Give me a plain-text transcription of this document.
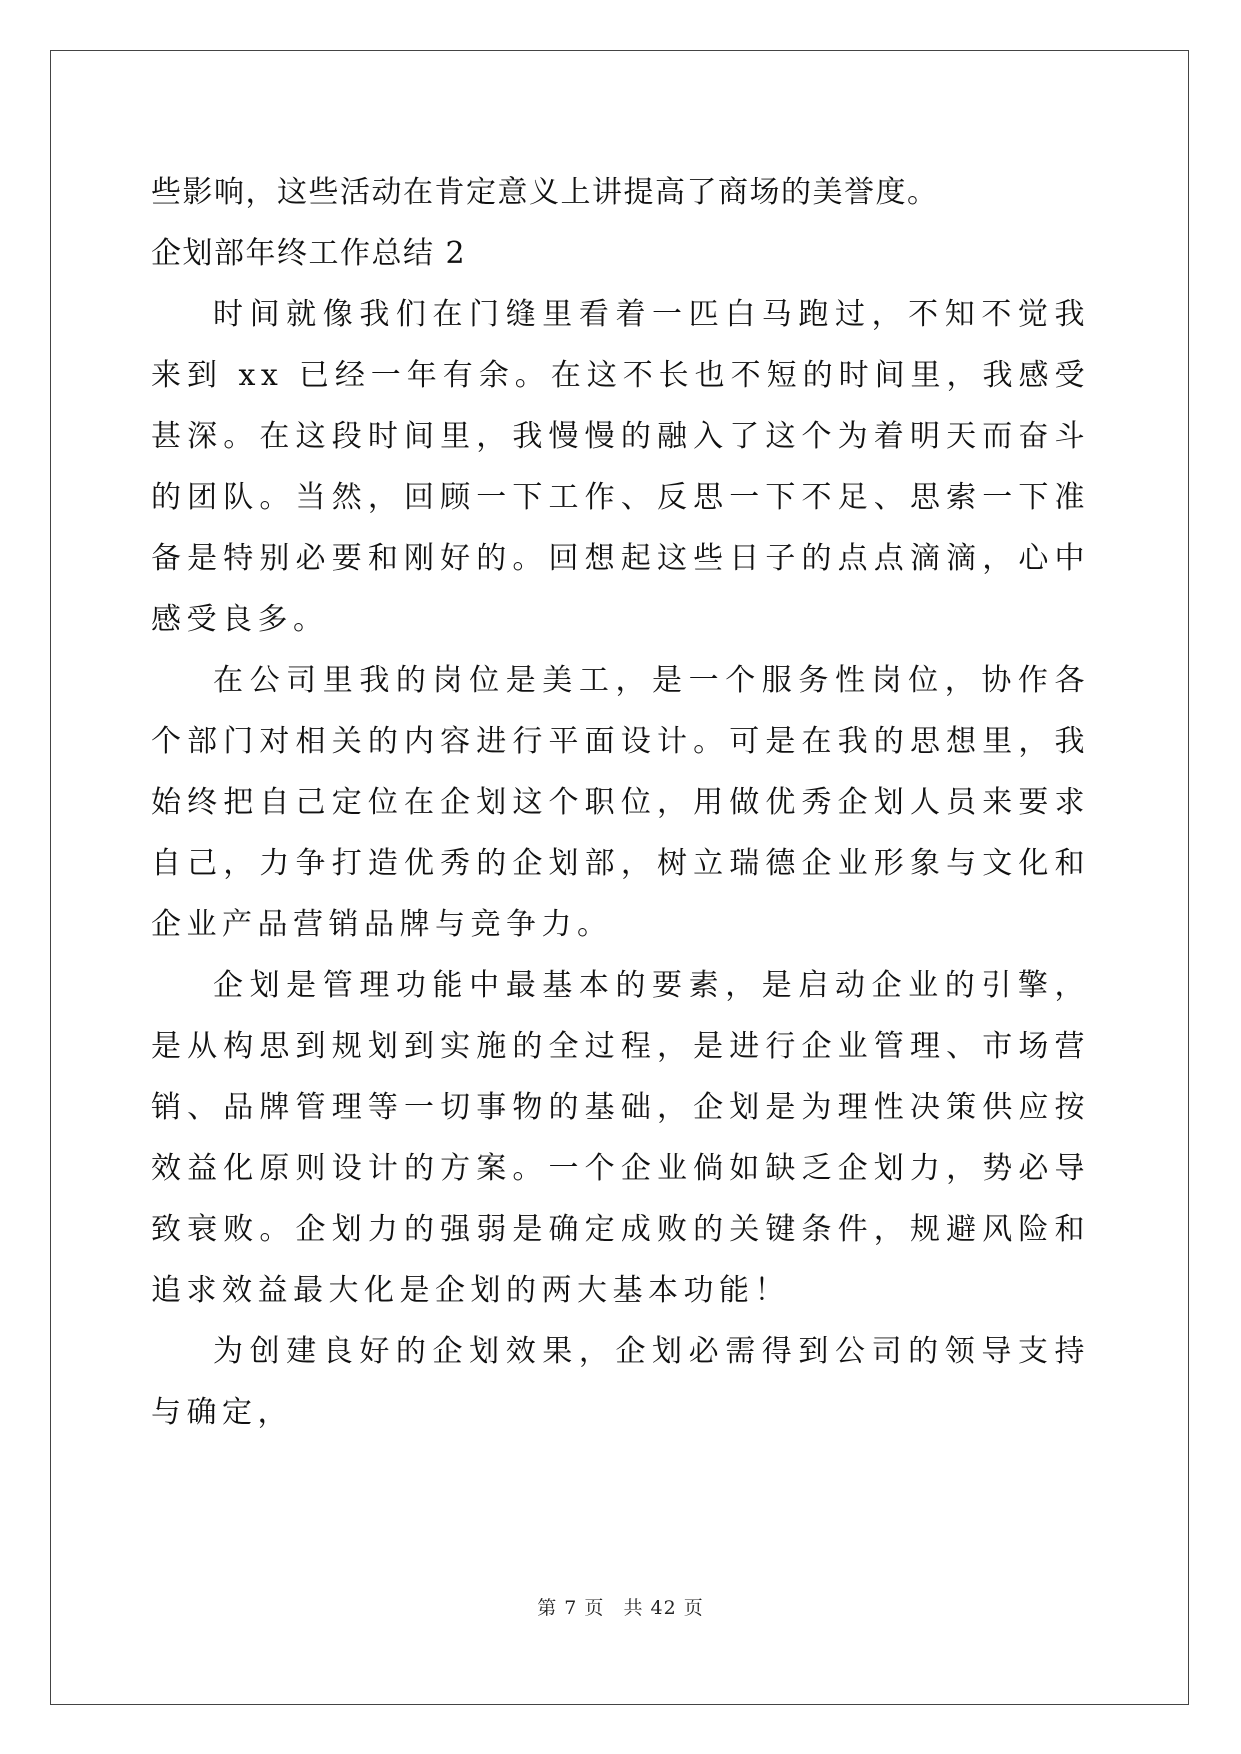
些影响，这些活动在肯定意义上讲提高了商场的美誉度。

企划部年终工作总结 2

时间就像我们在门缝里看着一匹白马跑过，不知不觉我来到 xx 已经一年有余。在这不长也不短的时间里，我感受甚深。在这段时间里，我慢慢的融入了这个为着明天而奋斗的团队。当然，回顾一下工作、反思一下不足、思索一下准备是特别必要和刚好的。回想起这些日子的点点滴滴，心中感受良多。

在公司里我的岗位是美工，是一个服务性岗位，协作各个部门对相关的内容进行平面设计。可是在我的思想里，我始终把自己定位在企划这个职位，用做优秀企划人员来要求自己，力争打造优秀的企划部，树立瑞德企业形象与文化和企业产品营销品牌与竞争力。

企划是管理功能中最基本的要素，是启动企业的引擎，是从构思到规划到实施的全过程，是进行企业管理、市场营销、品牌管理等一切事物的基础，企划是为理性决策供应按效益化原则设计的方案。一个企业倘如缺乏企划力，势必导致衰败。企划力的强弱是确定成败的关键条件，规避风险和追求效益最大化是企划的两大基本功能！

为创建良好的企划效果，企划必需得到公司的领导支持与确定，

第 7 页 共 42 页
